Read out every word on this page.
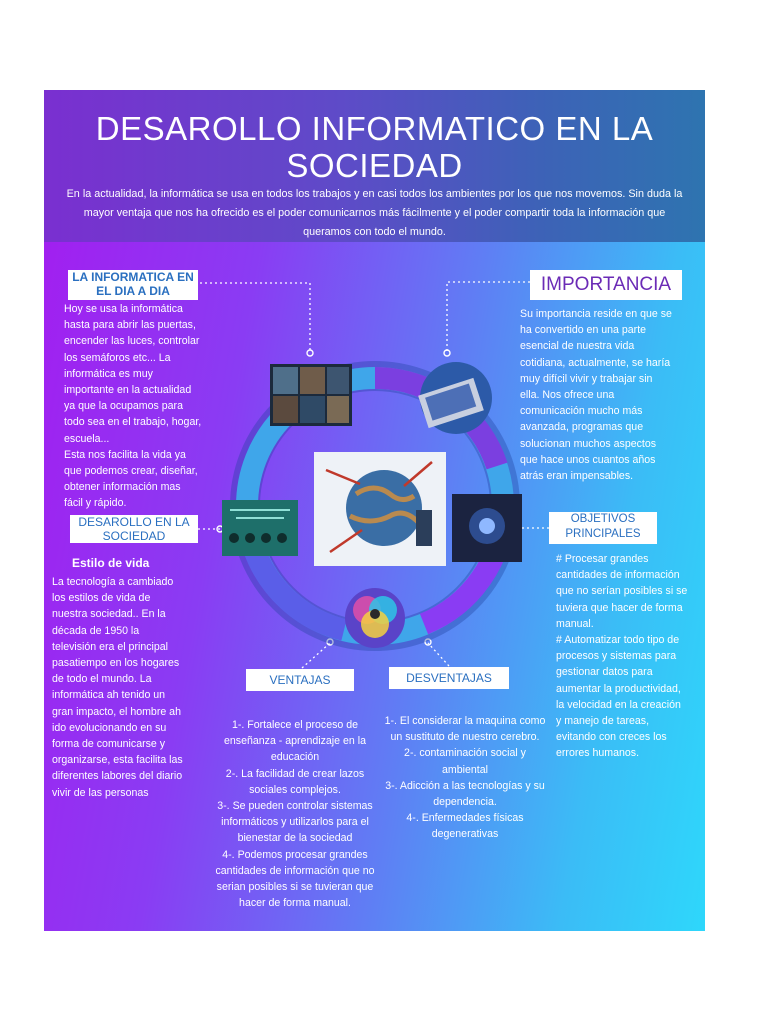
DESAROLLO INFORMATICO EN LA
SOCIEDAD

En la actualidad, la informática se usa en todos los trabajos y en casi todos los ambientes por los que nos movemos. Sin duda la mayor ventaja que nos ha ofrecido es el poder comunicarnos más fácilmente y el poder compartir toda la información que queramos con todo el mundo.

LA INFORMATICA EN EL DIA A DIA
Hoy se usa la informática
hasta para abrir las puertas,
encender las luces, controlar
los semáforos etc... La
informática es muy
importante en la actualidad
ya que la ocupamos para
todo sea en el trabajo, hogar,
escuela...
Esta nos facilita la vida ya
que podemos crear, diseñar,
obtener información mas
fácil y rápido.
IMPORTANCIA
Su importancia reside en que se
ha convertido en una parte
esencial de nuestra vida
cotidiana, actualmente, se haría
muy difícil vivir y trabajar sin
ella. Nos ofrece una
comunicación mucho más
avanzada, programas que
solucionan muchos aspectos
que hace unos cuantos años
atrás eran impensables.
DESAROLLO EN LA SOCIEDAD

Estilo de vida

La tecnología a cambiado
los estilos de vida de
nuestra sociedad.. En la
década de 1950 la
televisión era el principal
pasatiempo en los hogares
de todo el mundo. La
informática ah tenido un
gran impacto, el hombre ah
ido evolucionando en su
forma de comunicarse y
organizarse, esta facilita las
diferentes labores del diario
vivir de las personas
OBJETIVOS PRINCIPALES
# Procesar grandes
cantidades de información
que no serían posibles si se
tuviera que hacer de forma
manual.
# Automatizar todo tipo de
procesos y sistemas para
gestionar datos para
aumentar la productividad,
la velocidad en la creación
y manejo de tareas,
evitando con creces los
errores humanos.
VENTAJAS
1-. Fortalece el proceso de
enseñanza - aprendizaje en la
educación
2-. La facilidad de crear lazos
sociales complejos.
3-. Se pueden controlar sistemas
informáticos y utilizarlos para el
bienestar de la sociedad
4-. Podemos procesar grandes
cantidades de información que no
serian posibles si se tuvieran que
hacer de forma manual.
DESVENTAJAS
1-. El considerar la maquina como
un sustituto de nuestro cerebro.
2-. contaminación social y
ambiental
3-. Adicción a las tecnologías y su
dependencia.
4-. Enfermedades físicas
degenerativas
